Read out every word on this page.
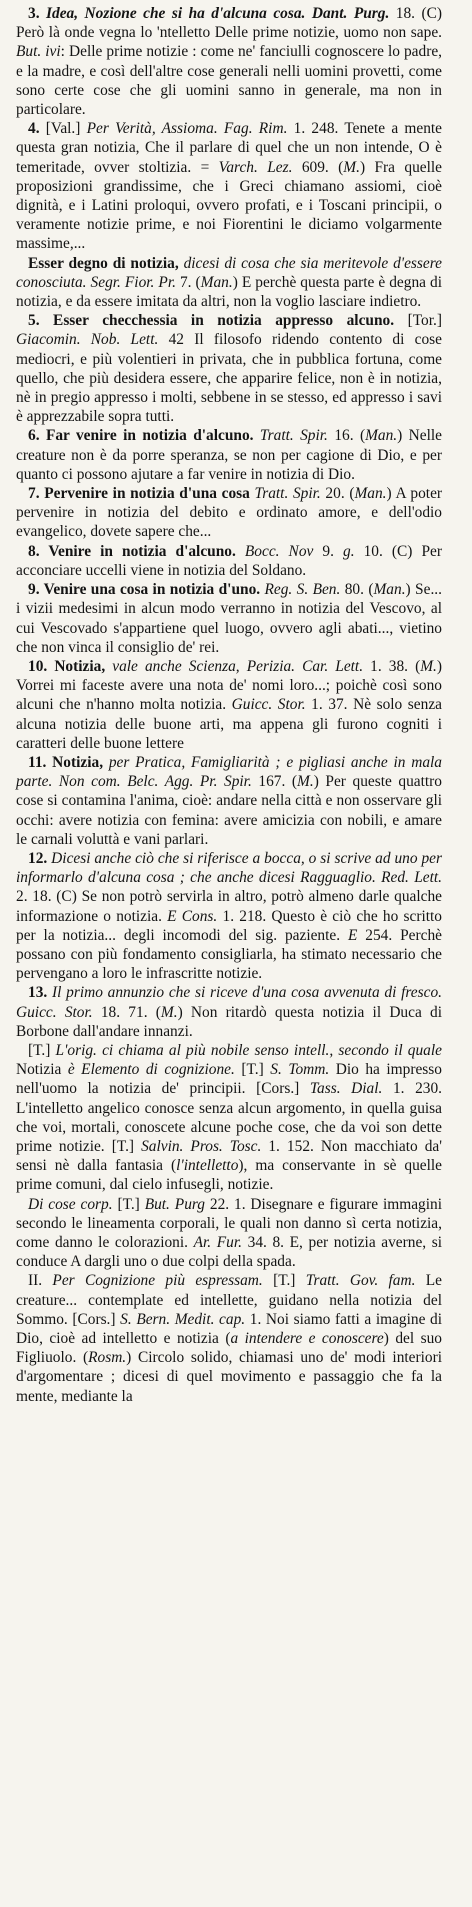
3. Idea, Nozione che si ha d'alcuna cosa. Dant. Purg. 18. (C) Però là onde vegna lo 'ntelletto Delle prime notizie, uomo non sape. But. ivi: Delle prime notizie : come ne' fanciulli cognoscere lo padre, e la madre, e così dell'altre cose generali nelli uomini provetti, come sono certe cose che gli uomini sanno in generale, ma non in particolare.

4. [Val.] Per Verità, Assioma. Fag. Rim. 1. 248. Tenete a mente questa gran notizia, Che il parlare di quel che un non intende, O è temeritade, ovver stoltizia. = Varch. Lez. 609. (M.) Fra quelle proposizioni grandissime, che i Greci chiamano assiomi, cioè dignità, e i Latini proloqui, ovvero profati, e i Toscani principii, o veramente notizie prime, e noi Fiorentini le diciamo volgarmente massime,...

Esser degno di notizia, dicesi di cosa che sia meritevole d'essere conosciuta. Segr. Fior. Pr. 7. (Man.) E perchè questa parte è degna di notizia, e da essere imitata da altri, non la voglio lasciare indietro.

5. Esser checchessia in notizia appresso alcuno. [Tor.] Giacomin. Nob. Lett. 42 Il filosofo ridendo contento di cose mediocri, e più volentieri in privata, che in pubblica fortuna, come quello, che più desidera essere, che apparire felice, non è in notizia, nè in pregio appresso i molti, sebbene in se stesso, ed appresso i savi è apprezzabile sopra tutti.

6. Far venire in notizia d'alcuno. Tratt. Spir. 16. (Man.) Nelle creature non è da porre speranza, se non per cagione di Dio, e per quanto ci possono ajutare a far venire in notizia di Dio.

7. Pervenire in notizia d'una cosa Tratt. Spir. 20. (Man.) A poter pervenire in notizia del debito e ordinato amore, e dell'odio evangelico, dovete sapere che...

8. Venire in notizia d'alcuno. Bocc. Nov 9. g. 10. (C) Per acconciare uccelli viene in notizia del Soldano.

9. Venire una cosa in notizia d'uno. Reg. S. Ben. 80. (Man.) Se... i vizii medesimi in alcun modo verranno in notizia del Vescovo, al cui Vescovado s'appartiene quel luogo, ovvero agli abati..., vietino che non vinca il consiglio de' rei.

10. Notizia, vale anche Scienza, Perizia. Car. Lett. 1. 38. (M.) Vorrei mi faceste avere una nota de' nomi loro...; poichè così sono alcuni che n'hanno molta notizia. Guicc. Stor. 1. 37. Nè solo senza alcuna notizia delle buone arti, ma appena gli furono cogniti i caratteri delle buone lettere

11. Notizia, per Pratica, Famigliarità ; e pigliasi anche in mala parte. Non com. Belc. Agg. Pr. Spir. 167. (M.) Per queste quattro cose si contamina l'anima, cioè: andare nella città e non osservare gli occhi: avere notizia con femina: avere amicizia con nobili, e amare le carnali voluttà e vani parlari.

12. Dicesi anche ciò che si riferisce a bocca, o si scrive ad uno per informarlo d'alcuna cosa ; che anche dicesi Ragguaglio. Red. Lett. 2. 18. (C) Se non potrò servirla in altro, potrò almeno darle qualche informazione o notizia. E Cons. 1. 218. Questo è ciò che ho scritto per la notizia... degli incomodi del sig. paziente. E 254. Perchè possano con più fondamento consigliarla, ha stimato necessario che pervengano a loro le infrascritte notizie.

13. Il primo annunzio che si riceve d'una cosa avvenuta di fresco. Guicc. Stor. 18. 71. (M.) Non ritardò questa notizia il Duca di Borbone dall'andare innanzi.

[T.] L'orig. ci chiama al più nobile senso intell., secondo il quale Notizia è Elemento di cognizione. [T.] S. Tomm. Dio ha impresso nell'uomo la notizia de' principii. [Cors.] Tass. Dial. 1. 230. L'intelletto angelico conosce senza alcun argomento, in quella guisa che voi, mortali, conoscete alcune poche cose, che da voi son dette prime notizie. [T.] Salvin. Pros. Tosc. 1. 152. Non macchiato da' sensi nè dalla fantasia (l'intelletto), ma conservante in sè quelle prime comuni, dal cielo infusegli, notizie.

Di cose corp. [T.] But. Purg 22. 1. Disegnare e figurare immagini secondo le lineamenta corporali, le quali non danno sì certa notizia, come danno le colorazioni. Ar. Fur. 34. 8. E, per notizia averne, si conduce A dargli uno o due colpi della spada.

II. Per Cognizione più espressam. [T.] Tratt. Gov. fam. Le creature... contemplate ed intellette, guidano nella notizia del Sommo. [Cors.] S. Bern. Medit. cap. 1. Noi siamo fatti a imagine di Dio, cioè ad intelletto e notizia (a intendere e conoscere) del suo Figliuolo. (Rosm.) Circolo solido, chiamasi uno de' modi interiori d'argomentare ; dicesi di quel movimento e passaggio che fa la mente, mediante la
